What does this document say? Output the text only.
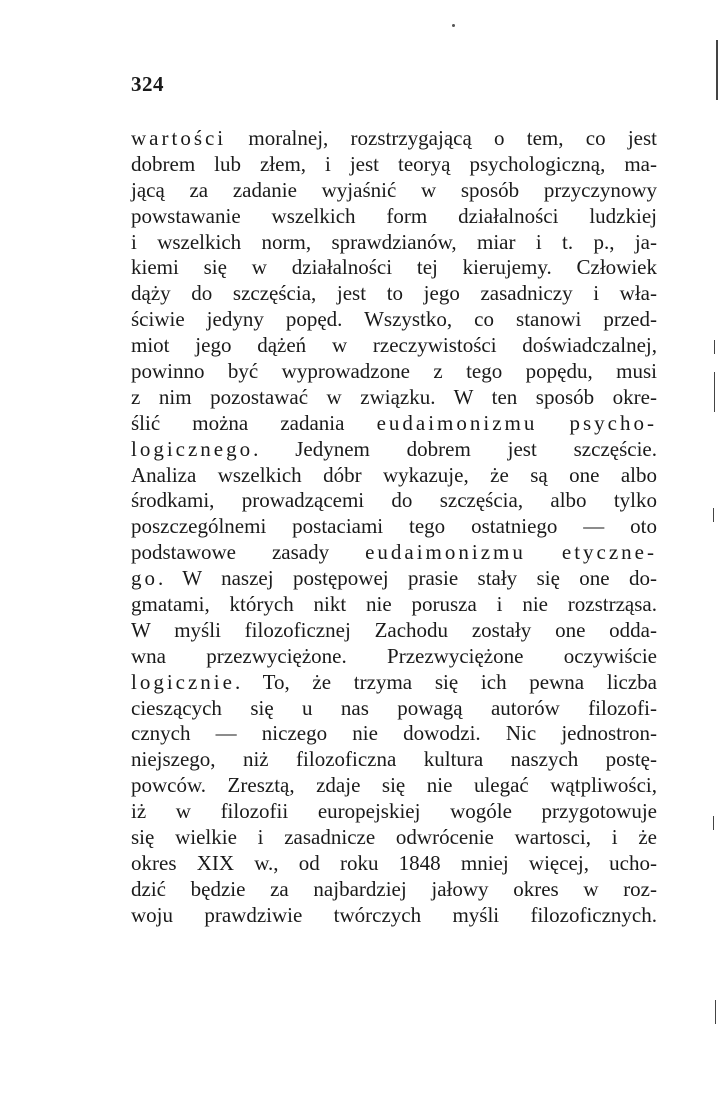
324
wartości moralnej, rozstrzygającą o tem, co jest
dobrem lub złem, i jest teoryą psychologiczną, ma-
jącą za zadanie wyjaśnić w sposób przyczynowy
powstawanie wszelkich form działalności ludzkiej
i wszelkich norm, sprawdzianów, miar i t. p., ja-
kiemi się w działalności tej kierujemy. Człowiek
dąży do szczęścia, jest to jego zasadniczy i wła-
ściwie jedyny popęd. Wszystko, co stanowi przed-
miot jego dążeń w rzeczywistości doświadczalnej,
powinno być wyprowadzone z tego popędu, musi
z nim pozostawać w związku. W ten sposób okre-
ślić można zadania eudaimonizmu psycho-
logicznego. Jedynem dobrem jest szczęście.
Analiza wszelkich dóbr wykazuje, że są one albo
środkami, prowadzącemi do szczęścia, albo tylko
poszczególnemi postaciami tego ostatniego — oto
podstawowe zasady eudaimonizmu etyczne-
go. W naszej postępowej prasie stały się one do-
gmatami, których nikt nie porusza i nie rozstrząsa.
W myśli filozoficznej Zachodu zostały one odda-
wna przezwyciężone. Przezwyciężone oczywiście
logicznie. To, że trzyma się ich pewna liczba
cieszących się u nas powagą autorów filozofi-
cznych — niczego nie dowodzi. Nic jednostron-
niejszego, niż filozoficzna kultura naszych postę-
powców. Zresztą, zdaje się nie ulegać wątpliwości,
iż w filozofii europejskiej wogóle przygotowuje
się wielkie i zasadnicze odwrócenie wartosci, i że
okres XIX w., od roku 1848 mniej więcej, ucho-
dzić będzie za najbardziej jałowy okres w roz-
woju prawdziwie twórczych myśli filozoficznych.
